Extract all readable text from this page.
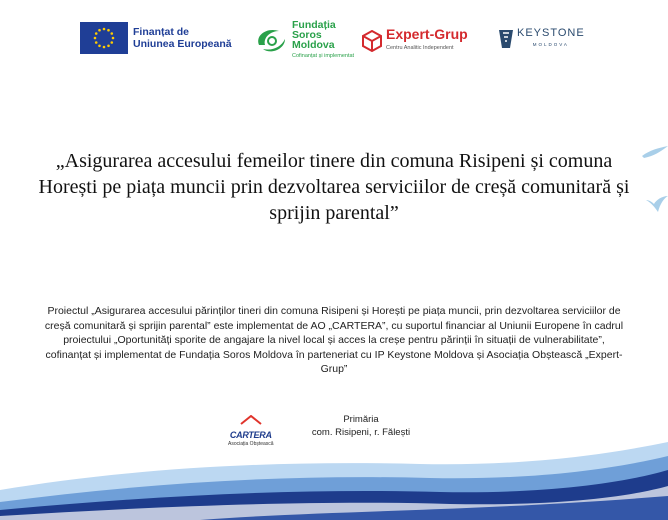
Finanțat de
Uniunea Europeană
Fundația
Soros
Moldova
Cofinanțat și implementat
Expert-Grup
Centru Analitic Independent
KEYSTONE
MOLDOVA
„Asigurarea accesului femeilor tinere din comuna Risipeni și comuna Horești pe piața muncii prin dezvoltarea serviciilor de creșă comunitară și sprijin parental”

Proiectul „Asigurarea accesului părinților tineri din comuna Risipeni și Horești pe piața muncii, prin dezvoltarea serviciilor de creșă comunitară și sprijin parental” este implementat de AO „CARTERA”, cu suportul financiar al Uniunii Europene în cadrul proiectului „Oportunități sporite de angajare la nivel local și acces la creșe pentru părinții în situații de vulnerabilitate”, cofinanțat și implementat de Fundația Soros Moldova în parteneriat cu IP Keystone Moldova și Asociația Obștească „Expert-Grup”

CARTERA
Asociația Obștească
Primăria
com. Risipeni, r. Fălești
